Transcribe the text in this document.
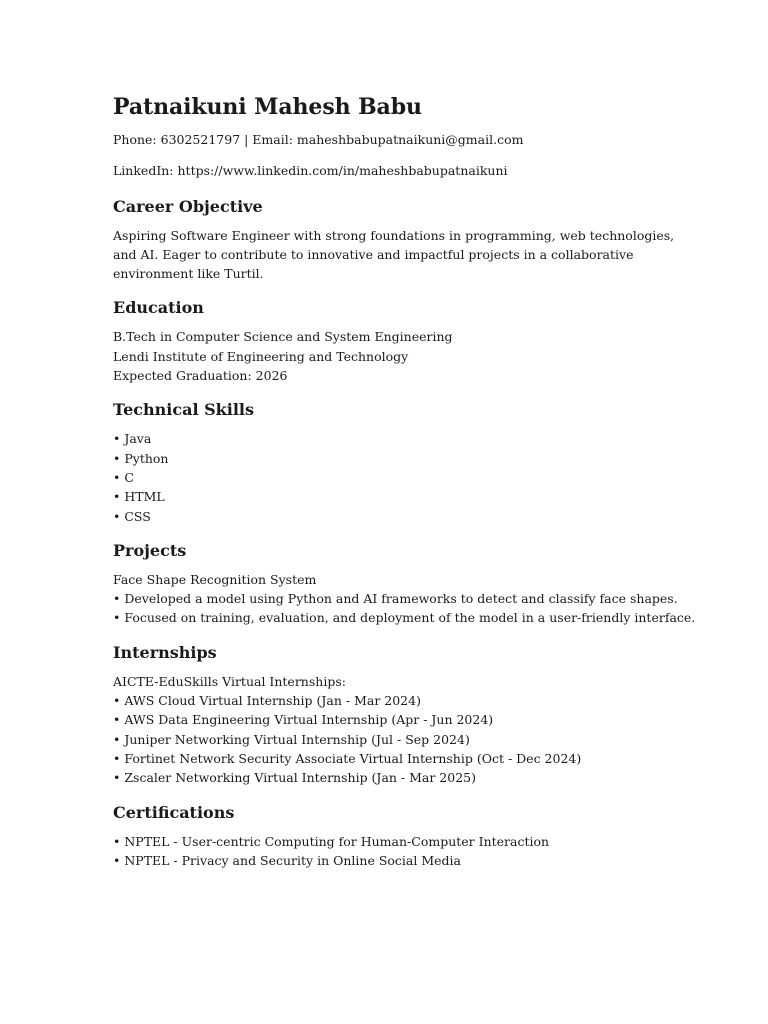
Patnaikuni Mahesh Babu
Phone: 6302521797 | Email: maheshbabupatnaikuni@gmail.com
LinkedIn: https://www.linkedin.com/in/maheshbabupatnaikuni
Career Objective
Aspiring Software Engineer with strong foundations in programming, web technologies,
and AI. Eager to contribute to innovative and impactful projects in a collaborative
environment like Turtil.
Education
B.Tech in Computer Science and System Engineering
Lendi Institute of Engineering and Technology
Expected Graduation: 2026
Technical Skills
• Java
• Python
• C
• HTML
• CSS
Projects
Face Shape Recognition System
• Developed a model using Python and AI frameworks to detect and classify face shapes.
• Focused on training, evaluation, and deployment of the model in a user-friendly interface.
Internships
AICTE-EduSkills Virtual Internships:
• AWS Cloud Virtual Internship (Jan - Mar 2024)
• AWS Data Engineering Virtual Internship (Apr - Jun 2024)
• Juniper Networking Virtual Internship (Jul - Sep 2024)
• Fortinet Network Security Associate Virtual Internship (Oct - Dec 2024)
• Zscaler Networking Virtual Internship (Jan - Mar 2025)
Certifications
• NPTEL - User-centric Computing for Human-Computer Interaction
• NPTEL - Privacy and Security in Online Social Media
